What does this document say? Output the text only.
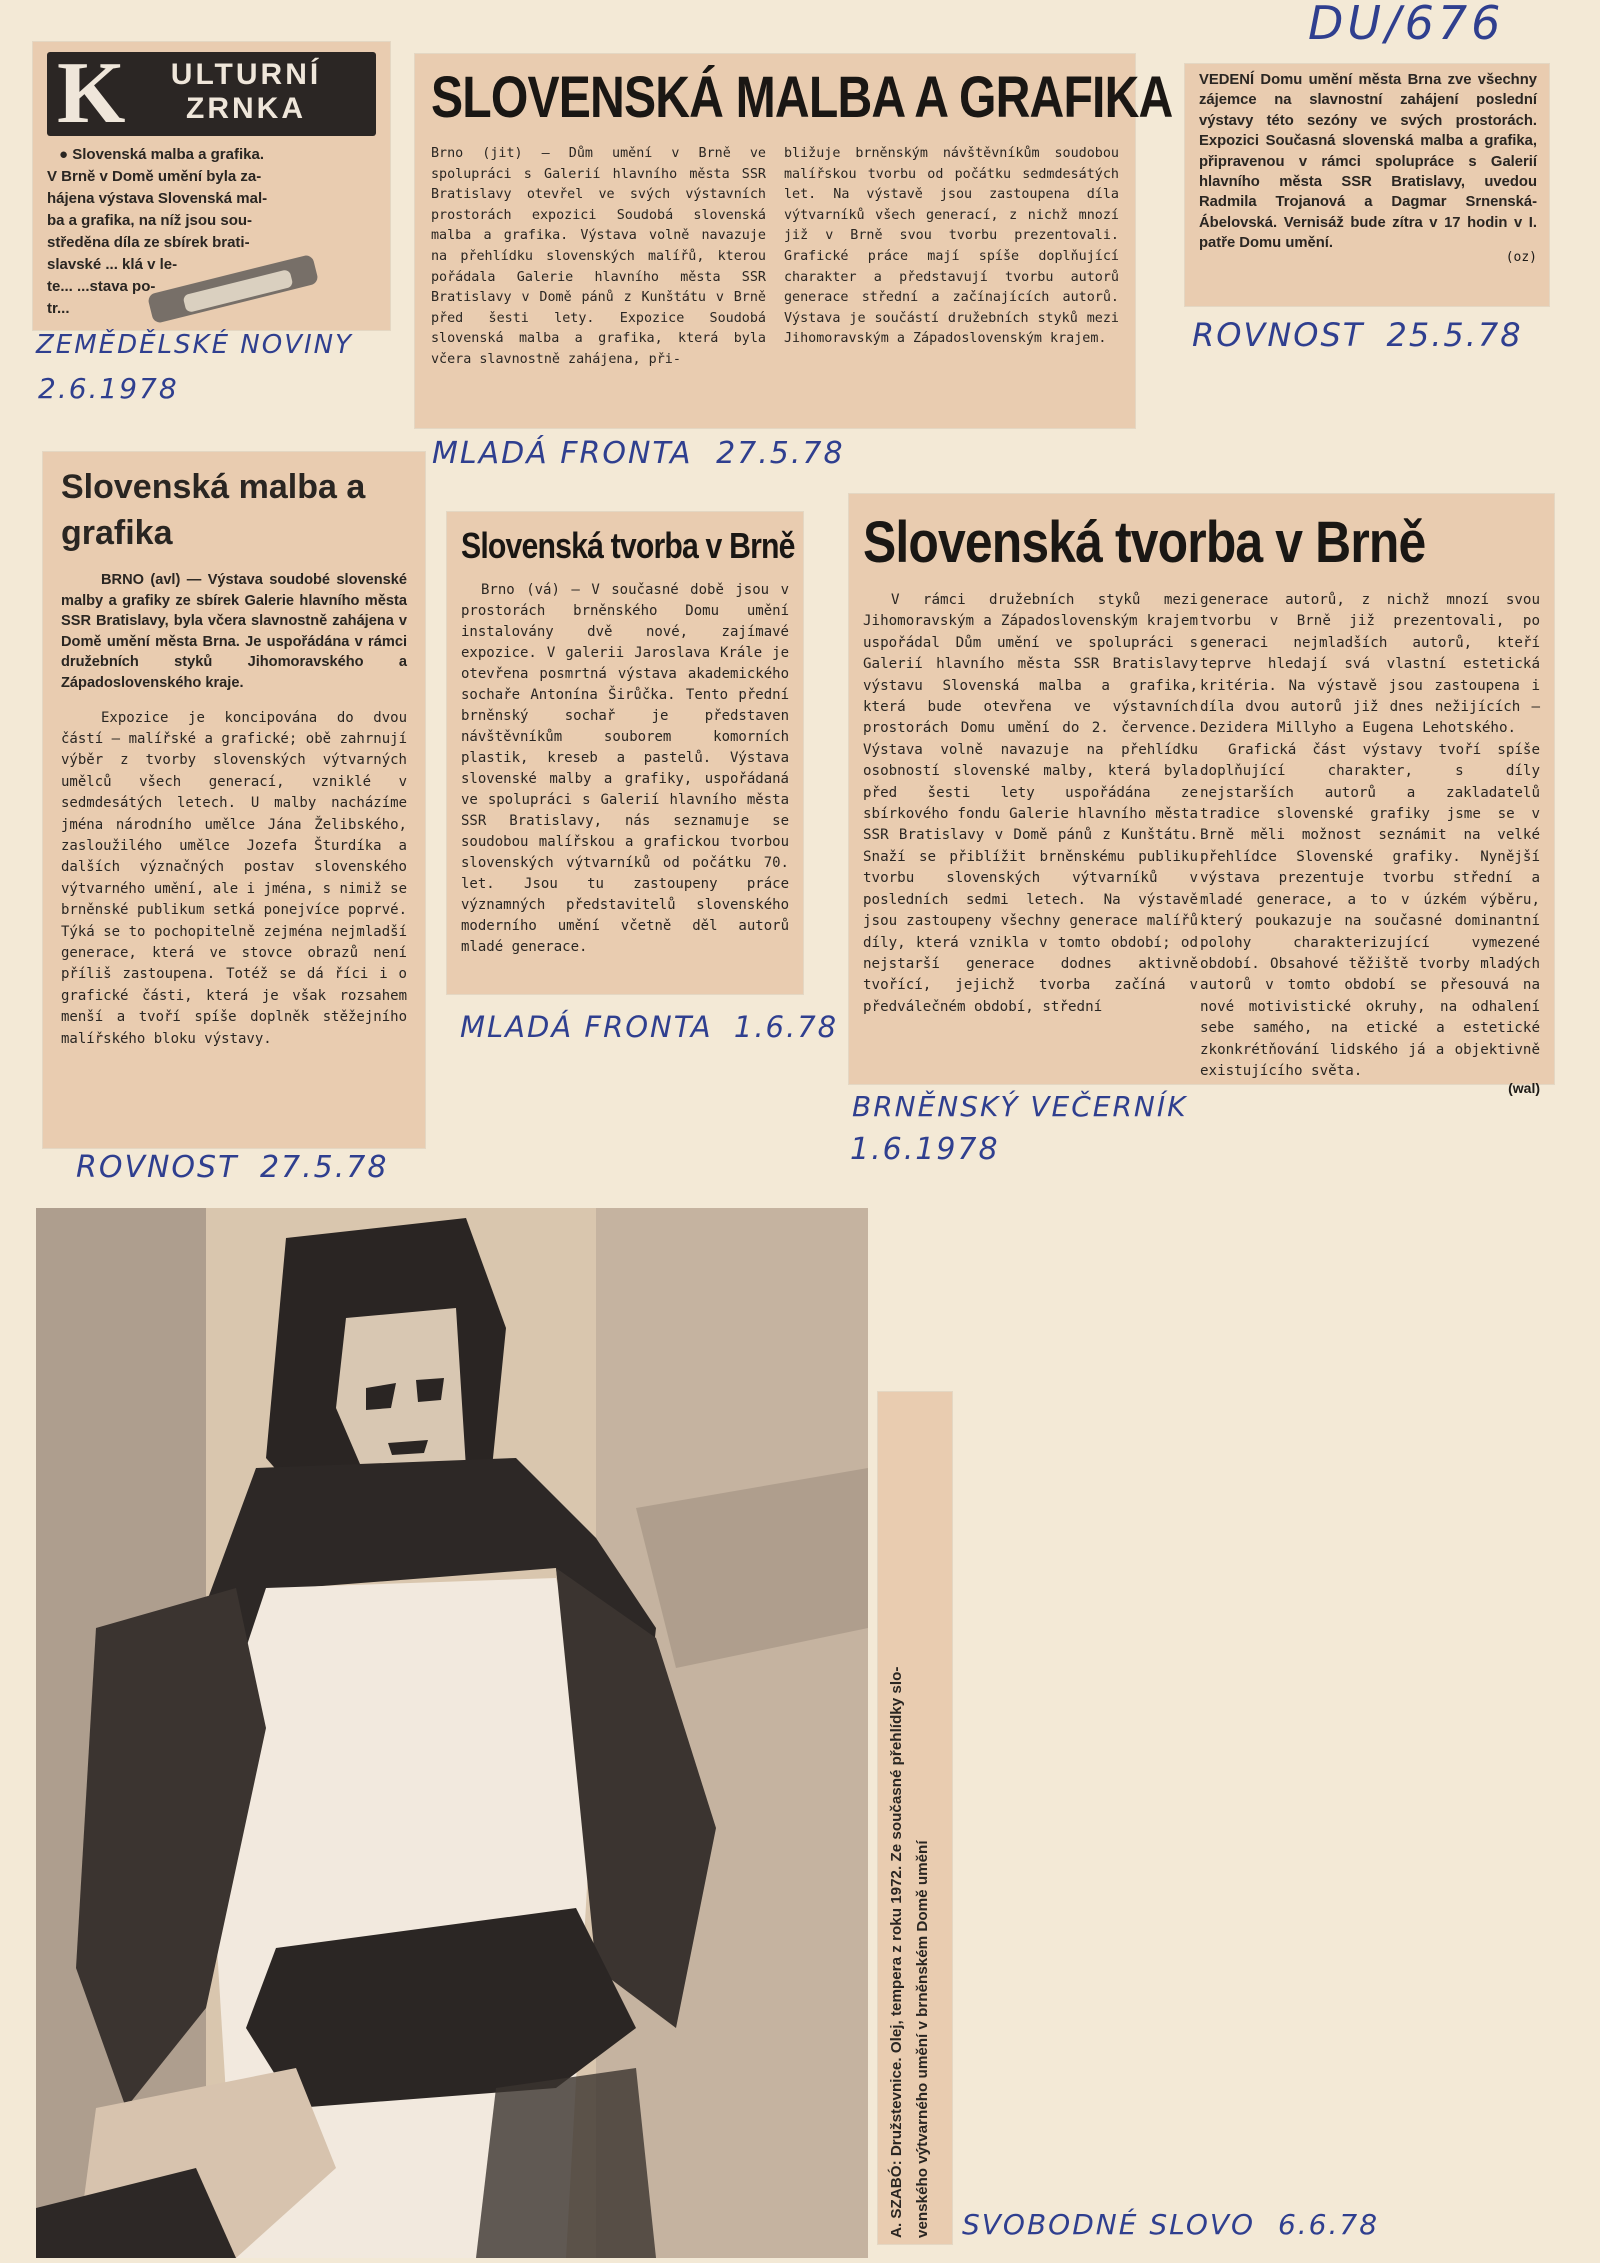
DU/676
K	ULTURNÍ ZRNKA
● Slovenská malba a grafika.
V Brně v Domě umění byla za-
hájena výstava Slovenská mal-
ba a grafika, na níž jsou sou-
středěna díla ze sbírek brati-
slavské ... klá v le-
te... ...stava po-
tr...
ZEMĚDĚLSKÉ NOVINY
2.6.1978
SLOVENSKÁ MALBA A GRAFIKA

Brno (jit) — Dům umění v Brně ve spolupráci s Galerií hlavního města SSR Bratislavy otevřel ve svých výstavních prostorách expozici Soudobá slovenská malba a grafika. Výstava volně navazuje na přehlídku slovenských malířů, kterou pořádala Galerie hlavního města SSR Bratislavy v Domě pánů z Kunštátu v Brně před šesti lety. Expozice Soudobá slovenská malba a grafika, která byla včera slavnostně zahájena, při-

bližuje brněnským návštěvníkům soudobou malířskou tvorbu od počátku sedmdesátých let. Na výstavě jsou zastoupena díla výtvarníků všech generací, z nichž mnozí již v Brně svou tvorbu prezentovali. Grafické práce mají spíše doplňující charakter a představují tvorbu autorů generace střední a začínajících autorů. Výstava je součástí družebních styků mezi Jihomoravským a Západoslovenským krajem.

MLADÁ FRONTA 27.5.78

VEDENÍ Domu umění města Brna zve všechny zájemce na slavnostní zahájení poslední výstavy této sezóny ve svých prostorách. Expozici Současná slovenská malba a grafika, připravenou v rámci spolupráce s Galerií hlavního města SSR Bratislavy, uvedou Radmila Trojanová a Dagmar Srnenská-Ábelovská. Vernisáž bude zítra v 17 hodin v I. patře Domu umění.

(oz)
ROVNOST 25.5.78
Slovenská malba a grafika

BRNO (avl) — Výstava soudobé slovenské malby a grafiky ze sbírek Galerie hlavního města SSR Bratislavy, byla včera slavnostně zahájena v Domě umění města Brna. Je uspořádána v rámci družebních styků Jihomoravského a Západoslovenského kraje.

Expozice je koncipována do dvou částí — malířské a grafické; obě zahrnují výběr z tvorby slovenských výtvarných umělců všech generací, vzniklé v sedmdesátých letech. U malby nacházíme jména národního umělce Jána Želibského, zasloužilého umělce Jozefa Šturdíka a dalších význačných postav slovenského výtvarného umění, ale i jména, s nimiž se brněnské publikum setká ponejvíce poprvé. Týká se to pochopitelně zejména nejmladší generace, která ve stovce obrazů není příliš zastoupena. Totéž se dá říci i o grafické části, která je však rozsahem menší a tvoří spíše doplněk stěžejního malířského bloku výstavy.

ROVNOST 27.5.78
Slovenská tvorba v Brně

Brno (vá) — V současné době jsou v prostorách brněnského Domu umění instalovány dvě nové, zajímavé expozice. V galerii Jaroslava Krále je otevřena posmrtná výstava akademického sochaře Antonína Širůčka. Tento přední brněnský sochař je představen návštěvníkům souborem komorních plastik, kreseb a pastelů. Výstava slovenské malby a grafiky, uspořádaná ve spolupráci s Galerií hlavního města SSR Bratislavy, nás seznamuje se soudobou malířskou a grafickou tvorbou slovenských výtvarníků od počátku 70. let. Jsou tu zastoupeny práce významných představitelů slovenského moderního umění včetně děl autorů mladé generace.

MLADÁ FRONTA 1.6.78
Slovenská tvorba v Brně

V rámci družebních styků mezi Jihomoravským a Západoslovenským krajem uspořádal Dům umění ve spolupráci s Galerií hlavního města SSR Bratislavy výstavu Slovenská malba a grafika, která bude otevřena ve výstavních prostorách Domu umění do 2. července. Výstava volně navazuje na přehlídku osobností slovenské malby, která byla před šesti lety uspořádána ze sbírkového fondu Galerie hlavního města SSR Bratislavy v Domě pánů z Kunštátu. Snaží se přiblížit brněnskému publiku tvorbu slovenských výtvarníků v posledních sedmi letech. Na výstavě jsou zastoupeny všechny generace malířů díly, která vznikla v tomto období; od nejstarší generace dodnes aktivně tvořící, jejichž tvorba začíná v předválečném období, střední

generace autorů, z nichž mnozí svou tvorbu v Brně již prezentovali, po generaci nejmladších autorů, kteří teprve hledají svá vlastní estetická kritéria. Na výstavě jsou zastoupena i díla dvou autorů již dnes nežijících — Dezidera Millyho a Eugena Lehotského.

Grafická část výstavy tvoří spíše doplňující charakter, s díly nejstarších autorů a zakladatelů tradice slovenské grafiky jsme se v Brně měli možnost seznámit na velké přehlídce Slovenské grafiky. Nynější výstava prezentuje tvorbu střední a mladé generace, a to v úzkém výběru, který poukazuje na současné dominantní polohy charakterizující vymezené období. Obsahové těžiště tvorby mladých autorů v tomto období se přesouvá na nové motivistické okruhy, na odhalení sebe samého, na etické a estetické zkonkrétňování lidského já a objektivně existujícího světa.

(wal)
BRNĚNSKÝ VEČERNÍK
1.6.1978
A. SZABÓ: Družstevnice. Olej, tempera z roku 1972. Ze současné přehlídky slo- venského výtvarného umění v brněnském Domě umění SVOBODNÉ SLOVO 6.6.78
